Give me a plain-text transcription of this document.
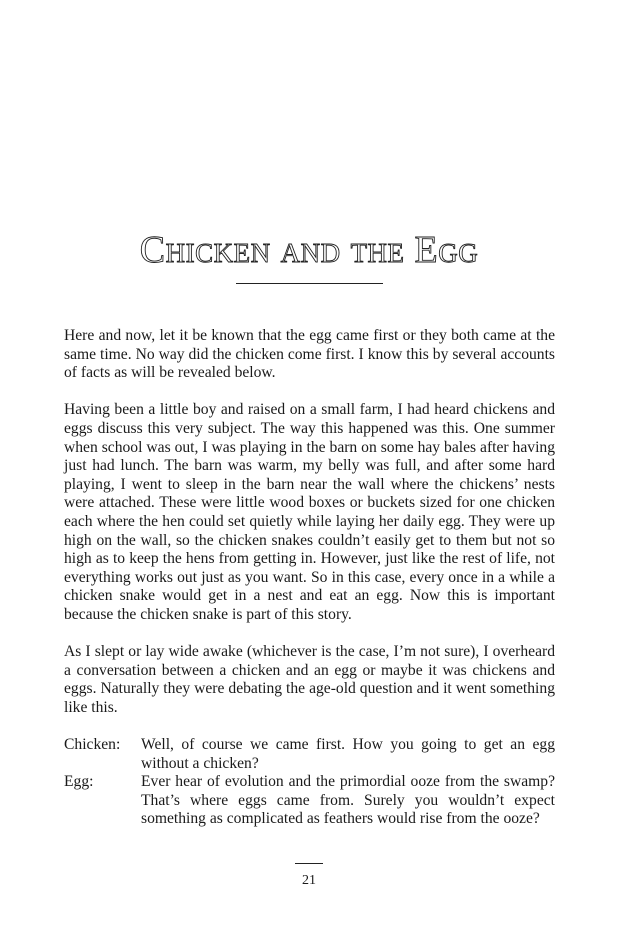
Chicken and the Egg

Here and now, let it be known that the egg came first or they both came at the same time. No way did the chicken come first. I know this by several accounts of facts as will be revealed below.

Having been a little boy and raised on a small farm, I had heard chickens and eggs discuss this very subject. The way this happened was this. One summer when school was out, I was playing in the barn on some hay bales after having just had lunch. The barn was warm, my belly was full, and after some hard playing, I went to sleep in the barn near the wall where the chickens’ nests were attached. These were little wood boxes or buckets sized for one chicken each where the hen could set quietly while laying her daily egg. They were up high on the wall, so the chicken snakes couldn’t easily get to them but not so high as to keep the hens from getting in. However, just like the rest of life, not everything works out just as you want. So in this case, every once in a while a chicken snake would get in a nest and eat an egg. Now this is important because the chicken snake is part of this story.

As I slept or lay wide awake (whichever is the case, I’m not sure), I overheard a conversation between a chicken and an egg or maybe it was chickens and eggs. Naturally they were debating the age-old question and it went something like this.

Chicken:	Well, of course we came first. How you going to get an egg without a chicken?
Egg:	Ever hear of evolution and the primordial ooze from the swamp? That’s where eggs came from. Surely you wouldn’t expect something as complicated as feathers would rise from the ooze?
21
